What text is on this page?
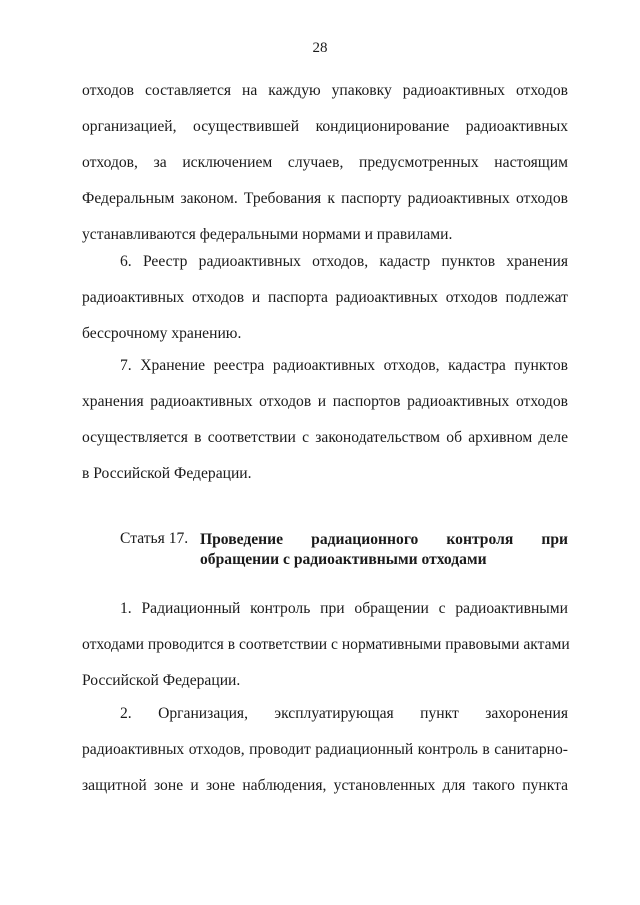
28
отходов составляется на каждую упаковку радиоактивных отходов
организацией, осуществившей кондиционирование радиоактивных
отходов, за исключением случаев, предусмотренных настоящим
Федеральным законом. Требования к паспорту радиоактивных отходов
устанавливаются федеральными нормами и правилами.
6. Реестр радиоактивных отходов, кадастр пунктов хранения
радиоактивных отходов и паспорта радиоактивных отходов подлежат
бессрочному хранению.
7. Хранение реестра радиоактивных отходов, кадастра пунктов
хранения радиоактивных отходов и паспортов радиоактивных отходов
осуществляется в соответствии с законодательством об архивном деле
в Российской Федерации.
Статья 17. Проведение радиационного контроля при
обращении с радиоактивными отходами
1. Радиационный контроль при обращении с радиоактивными
отходами проводится в соответствии с нормативными правовыми актами
Российской Федерации.
2. Организация, эксплуатирующая пункт захоронения
радиоактивных отходов, проводит радиационный контроль в санитарно-
защитной зоне и зоне наблюдения, установленных для такого пункта
